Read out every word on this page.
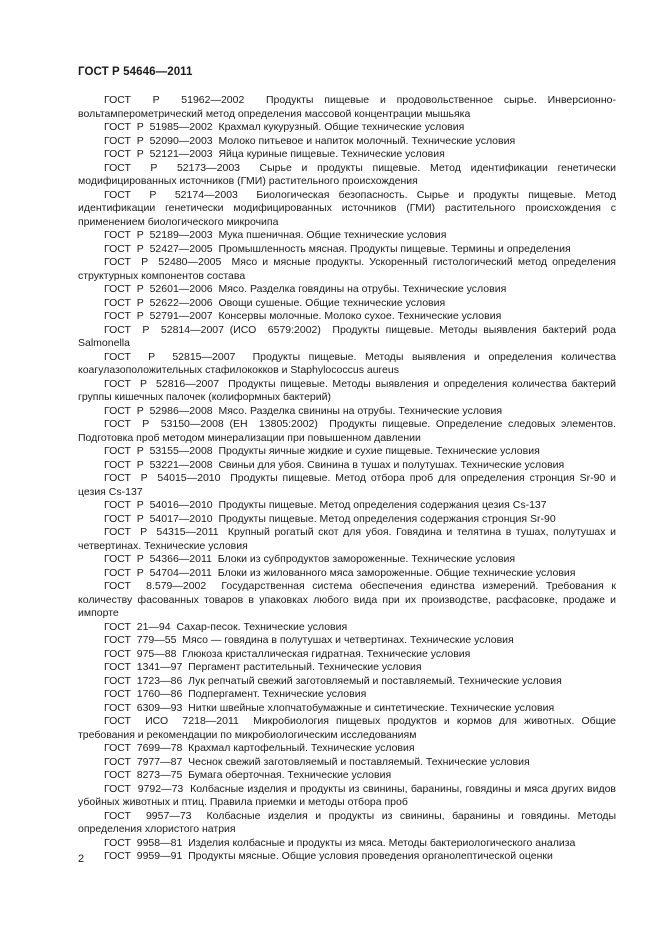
ГОСТ Р 54646—2011

ГОСТ  Р  51962—2002  Продукты пищевые и продовольственное сырье. Инверсионно-вольтамперометрический метод определения массовой концентрации мышьяка

ГОСТ  Р  51985—2002  Крахмал кукурузный. Общие технические условия

ГОСТ  Р  52090—2003  Молоко питьевое и напиток молочный. Технические условия

ГОСТ  Р  52121—2003  Яйца куриные пищевые. Технические условия

ГОСТ  Р  52173—2003  Сырье и продукты пищевые. Метод идентификации генетически модифицированных источников (ГМИ) растительного происхождения

ГОСТ  Р  52174—2003  Биологическая безопасность. Сырье и продукты пищевые. Метод идентификации генетически модифицированных источников (ГМИ) растительного происхождения с применением биологического микрочипа

ГОСТ  Р  52189—2003  Мука пшеничная. Общие технические условия

ГОСТ  Р  52427—2005  Промышленность мясная. Продукты пищевые. Термины и определения

ГОСТ  Р  52480—2005  Мясо и мясные продукты. Ускоренный гистологический метод определения структурных компонентов состава

ГОСТ  Р  52601—2006  Мясо. Разделка говядины на отрубы. Технические условия

ГОСТ  Р  52622—2006  Овощи сушеные. Общие технические условия

ГОСТ  Р  52791—2007  Консервы молочные. Молоко сухое. Технические условия

ГОСТ  Р  52814—2007 (ИСО  6579:2002)  Продукты пищевые. Методы выявления бактерий рода Salmonella

ГОСТ  Р  52815—2007  Продукты пищевые. Методы выявления и определения количества коагулазоположительных стафилококков и Staphylococcus aureus

ГОСТ  Р  52816—2007  Продукты пищевые. Методы выявления и определения количества бактерий группы кишечных палочек (колиформных бактерий)

ГОСТ  Р  52986—2008  Мясо. Разделка свинины на отрубы. Технические условия

ГОСТ  Р  53150—2008 (ЕН  13805:2002)  Продукты пищевые. Определение следовых элементов. Подготовка проб методом минерализации при повышенном давлении

ГОСТ  Р  53155—2008  Продукты яичные жидкие и сухие пищевые. Технические условия

ГОСТ  Р  53221—2008  Свиньи для убоя. Свинина в тушах и полутушах. Технические условия

ГОСТ  Р  54015—2010  Продукты пищевые. Метод отбора проб для определения стронция Sr-90 и цезия Cs-137

ГОСТ  Р  54016—2010  Продукты пищевые. Метод определения содержания цезия Cs-137

ГОСТ  Р  54017—2010  Продукты пищевые. Метод определения содержания стронция Sr-90

ГОСТ  Р  54315—2011  Крупный рогатый скот для убоя. Говядина и телятина в тушах, полутушах и четвертинах. Технические условия

ГОСТ  Р  54366—2011  Блоки из субпродуктов замороженные. Технические условия

ГОСТ  Р  54704—2011  Блоки из жилованного мяса замороженные. Общие технические условия

ГОСТ  8.579—2002  Государственная система обеспечения единства измерений. Требования к количеству фасованных товаров в упаковках любого вида при их производстве, расфасовке, продаже и импорте

ГОСТ  21—94  Сахар-песок. Технические условия

ГОСТ  779—55  Мясо — говядина в полутушах и четвертинах. Технические условия

ГОСТ  975—88  Глюкоза кристаллическая гидратная. Технические условия

ГОСТ  1341—97  Пергамент растительный. Технические условия

ГОСТ  1723—86  Лук репчатый свежий заготовляемый и поставляемый. Технические условия

ГОСТ  1760—86  Подпергамент. Технические условия

ГОСТ  6309—93  Нитки швейные хлопчатобумажные и синтетические. Технические условия

ГОСТ  ИСО  7218—2011  Микробиология пищевых продуктов и кормов для животных. Общие требования и рекомендации по микробиологическим исследованиям

ГОСТ  7699—78  Крахмал картофельный. Технические условия

ГОСТ  7977—87  Чеснок свежий заготовляемый и поставляемый. Технические условия

ГОСТ  8273—75  Бумага оберточная. Технические условия

ГОСТ  9792—73  Колбасные изделия и продукты из свинины, баранины, говядины и мяса других видов убойных животных и птиц. Правила приемки и методы отбора проб

ГОСТ  9957—73  Колбасные изделия и продукты из свинины, баранины и говядины. Методы определения хлористого натрия

ГОСТ  9958—81  Изделия колбасные и продукты из мяса. Методы бактериологического анализа

ГОСТ  9959—91  Продукты мясные. Общие условия проведения органолептической оценки

2
